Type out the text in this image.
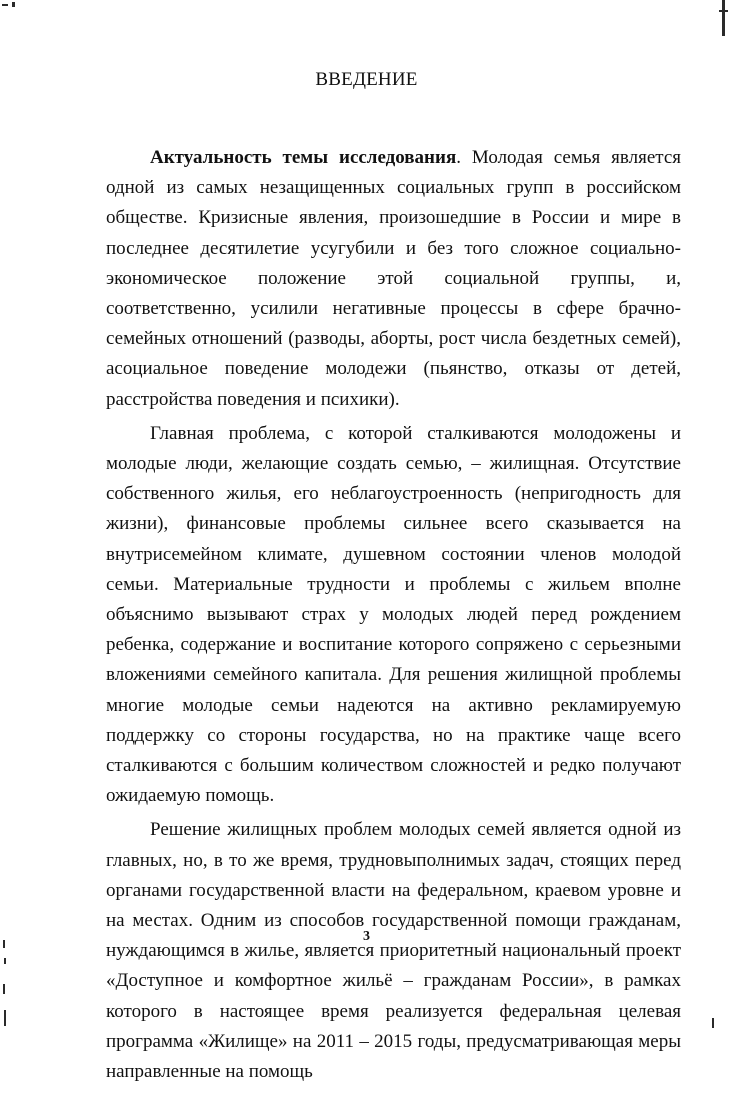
ВВЕДЕНИЕ

Актуальность темы исследования. Молодая семья является одной из самых незащищенных социальных групп в российском обществе. Кризисные явления, произошедшие в России и мире в последнее десятилетие усугубили и без того сложное социально-экономическое положение этой социальной группы, и, соответственно, усилили негативные процессы в сфере брачно-семейных отношений (разводы, аборты, рост числа бездетных семей), асоциальное поведение молодежи (пьянство, отказы от детей, расстройства поведения и психики).

Главная проблема, с которой сталкиваются молодожены и молодые люди, желающие создать семью, – жилищная. Отсутствие собственного жилья, его неблагоустроенность (непригодность для жизни), финансовые проблемы сильнее всего сказывается на внутрисемейном климате, душевном состоянии членов молодой семьи. Материальные трудности и проблемы с жильем вполне объяснимо вызывают страх у молодых людей перед рождением ребенка, содержание и воспитание которого сопряжено с серьезными вложениями семейного капитала. Для решения жилищной проблемы многие молодые семьи надеются на активно рекламируемую поддержку со стороны государства, но на практике чаще всего сталкиваются с большим количеством сложностей и редко получают ожидаемую помощь.

Решение жилищных проблем молодых семей является одной из главных, но, в то же время, трудновыполнимых задач, стоящих перед органами государственной власти на федеральном, краевом уровне и на местах. Одним из способов государственной помощи гражданам, нуждающимся в жилье, является приоритетный национальный проект «Доступное и комфортное жильё – гражданам России», в рамках которого в настоящее время реализуется федеральная целевая программа «Жилище» на 2011 – 2015 годы, предусматривающая меры направленные на помощь

3
